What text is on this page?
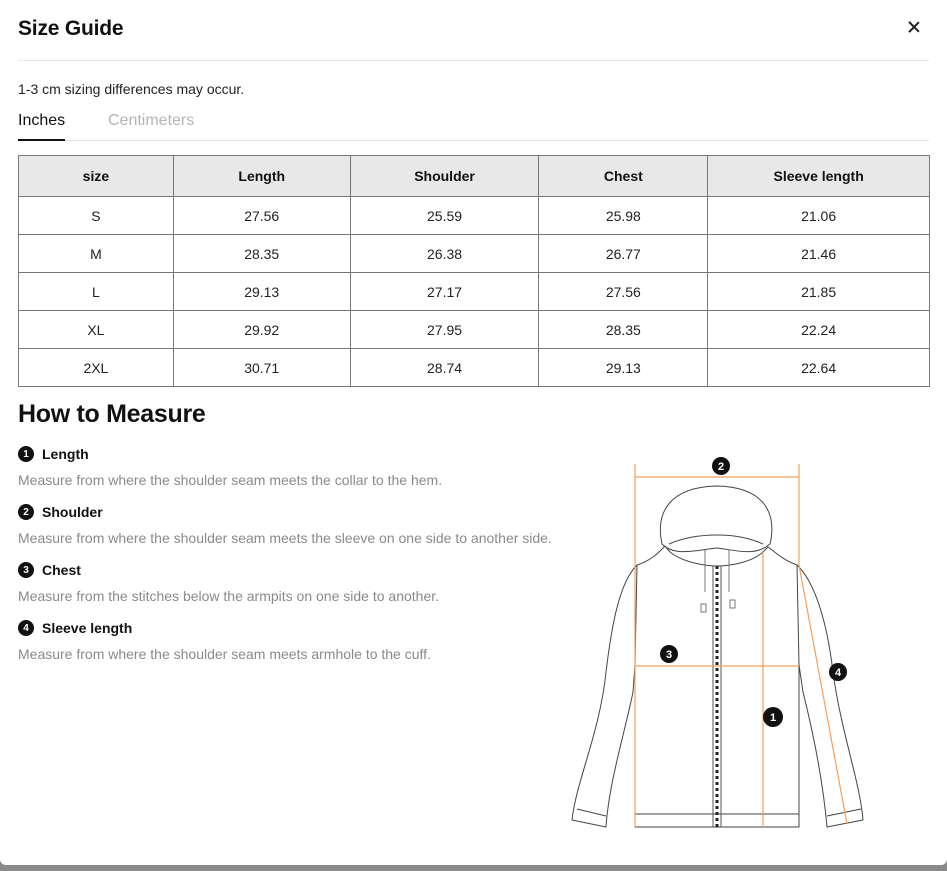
Size Guide
1-3 cm sizing differences may occur.
Inches	Centimeters
size	Length	Shoulder	Chest	Sleeve length
S	27.56	25.59	25.98	21.06
M	28.35	26.38	26.77	21.46
L	29.13	27.17	27.56	21.85
XL	29.92	27.95	28.35	22.24
2XL	30.71	28.74	29.13	22.64
How to Measure
1 Length
Measure from where the shoulder seam meets the collar to the hem.
2 Shoulder
Measure from where the shoulder seam meets the sleeve on one side to another side.
3 Chest
Measure from the stitches below the armpits on one side to another.
4 Sleeve length
Measure from where the shoulder seam meets armhole to the cuff.
2
3
1
4
